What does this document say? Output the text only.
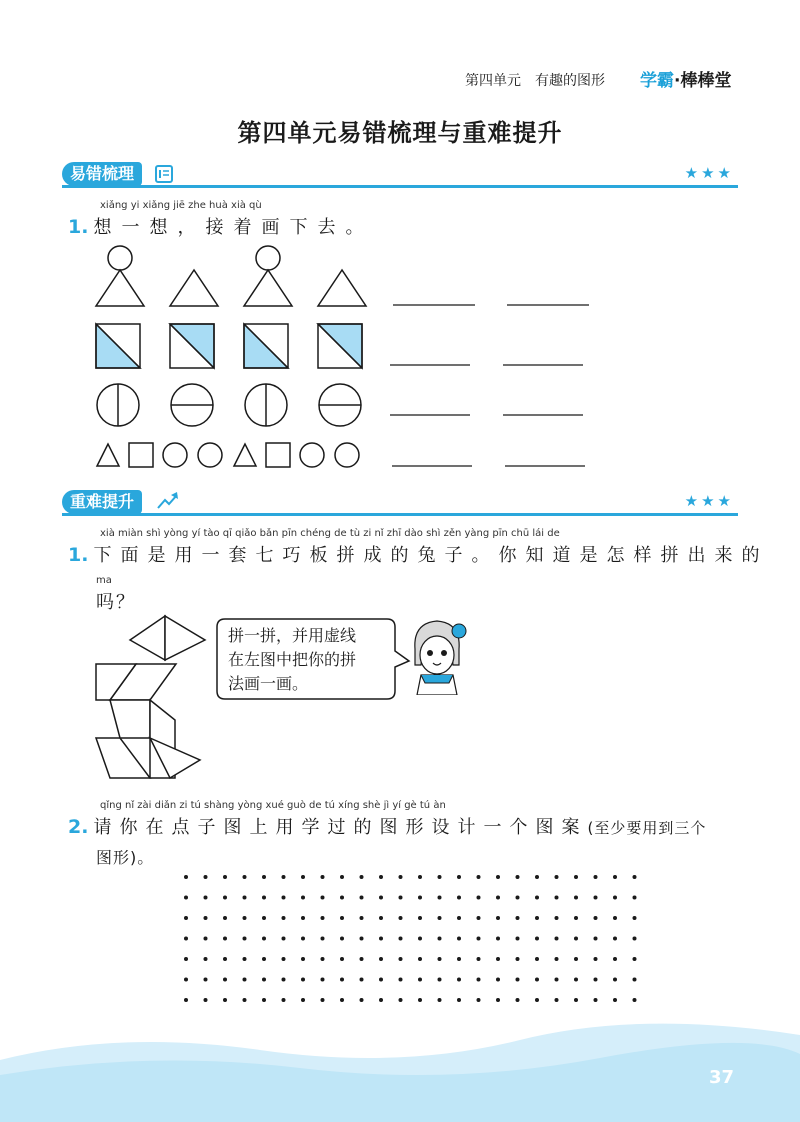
第四单元　有趣的图形 学霸·棒棒堂
第四单元易错梳理与重难提升
易错梳理	★★★
xiǎng yi xiǎng jiē zhe huà xià qù
1. 想一想，接着画下去。
重难提升	★★★
xià miàn shì yòng yí tào qī qiǎo bǎn pīn chéng de tù zi nǐ zhī dào shì zěn yàng pīn chū lái de
1. 下面是用一套七巧板拼成的兔子。你知道是怎样拼出来的
ma
吗？
拼一拼，并用虚线
在左图中把你的拼
法画一画。
qǐng nǐ zài diǎn zi tú shàng yòng xué guò de tú xíng shè jì yí gè tú àn
2. 请你在点子图上用学过的图形设计一个图案(至少要用到三个
图形)。
37
